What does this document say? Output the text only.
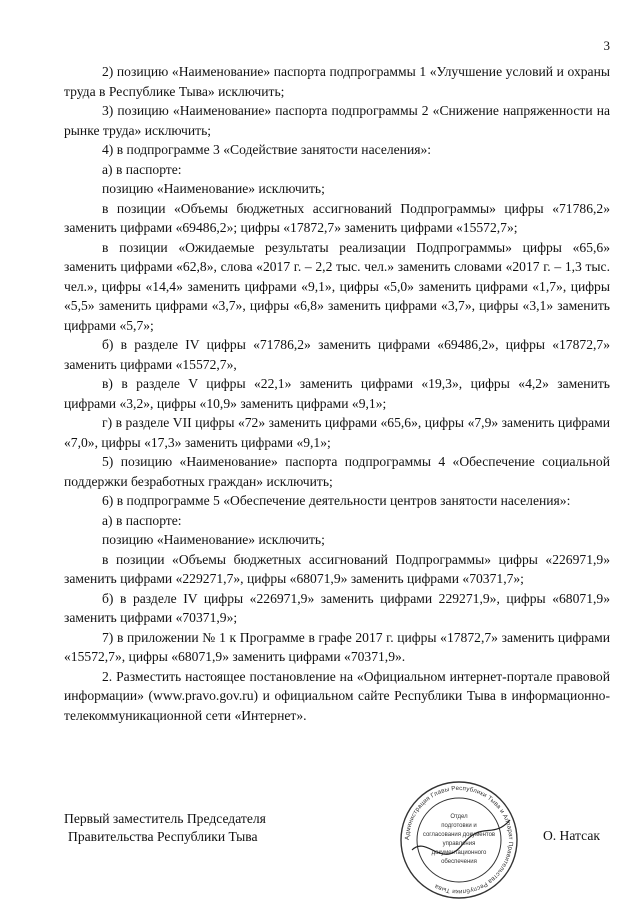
3

2) позицию «Наименование» паспорта подпрограммы 1 «Улучшение условий и охраны труда в Республике Тыва» исключить;

3) позицию «Наименование» паспорта подпрограммы 2 «Снижение напряженности на рынке труда» исключить;

4) в подпрограмме 3 «Содействие занятости населения»:

а) в паспорте:

позицию «Наименование» исключить;

в позиции «Объемы бюджетных ассигнований Подпрограммы» цифры «71786,2» заменить цифрами «69486,2»; цифры «17872,7» заменить цифрами «15572,7»;

в позиции «Ожидаемые результаты реализации Подпрограммы» цифры «65,6» заменить цифрами «62,8», слова «2017 г. – 2,2 тыс. чел.» заменить словами «2017 г. – 1,3 тыс. чел.», цифры «14,4» заменить цифрами «9,1», цифры «5,0» заменить цифрами «1,7», цифры «5,5» заменить цифрами «3,7», цифры «6,8» заменить цифрами «3,7», цифры «3,1» заменить цифрами «5,7»;

б) в разделе IV цифры «71786,2» заменить цифрами «69486,2», цифры «17872,7» заменить цифрами «15572,7»,

в) в разделе V цифры «22,1» заменить цифрами «19,3», цифры «4,2» заменить цифрами «3,2», цифры «10,9» заменить цифрами «9,1»;

г) в разделе VII цифры «72» заменить цифрами «65,6», цифры «7,9» заменить цифрами «7,0», цифры «17,3» заменить цифрами «9,1»;

5) позицию «Наименование» паспорта подпрограммы 4 «Обеспечение социальной поддержки безработных граждан» исключить;

6) в подпрограмме 5 «Обеспечение деятельности центров занятости населения»:

а) в паспорте:

позицию «Наименование» исключить;

в позиции «Объемы бюджетных ассигнований Подпрограммы» цифры «226971,9» заменить цифрами «229271,7», цифры «68071,9» заменить цифрами «70371,7»;

б) в разделе IV цифры «226971,9» заменить цифрами 229271,9», цифры «68071,9» заменить цифрами «70371,9»;

7) в приложении № 1 к Программе в графе 2017 г. цифры «17872,7» заменить цифрами «15572,7», цифры «68071,9» заменить цифрами «70371,9».

2. Разместить настоящее постановление на «Официальном интернет-портале правовой информации» (www.pravo.gov.ru) и официальном сайте Республики Тыва в информационно-телекоммуникационной сети «Интернет».

Первый заместитель Председателя
Правительства Республики Тыва	Администрация Главы Республики Тыва и Аппарат Правительства Республики Тыва
Отдел
подготовки и
согласования документов
управления
документационного
обеспечения
О. Натсак
